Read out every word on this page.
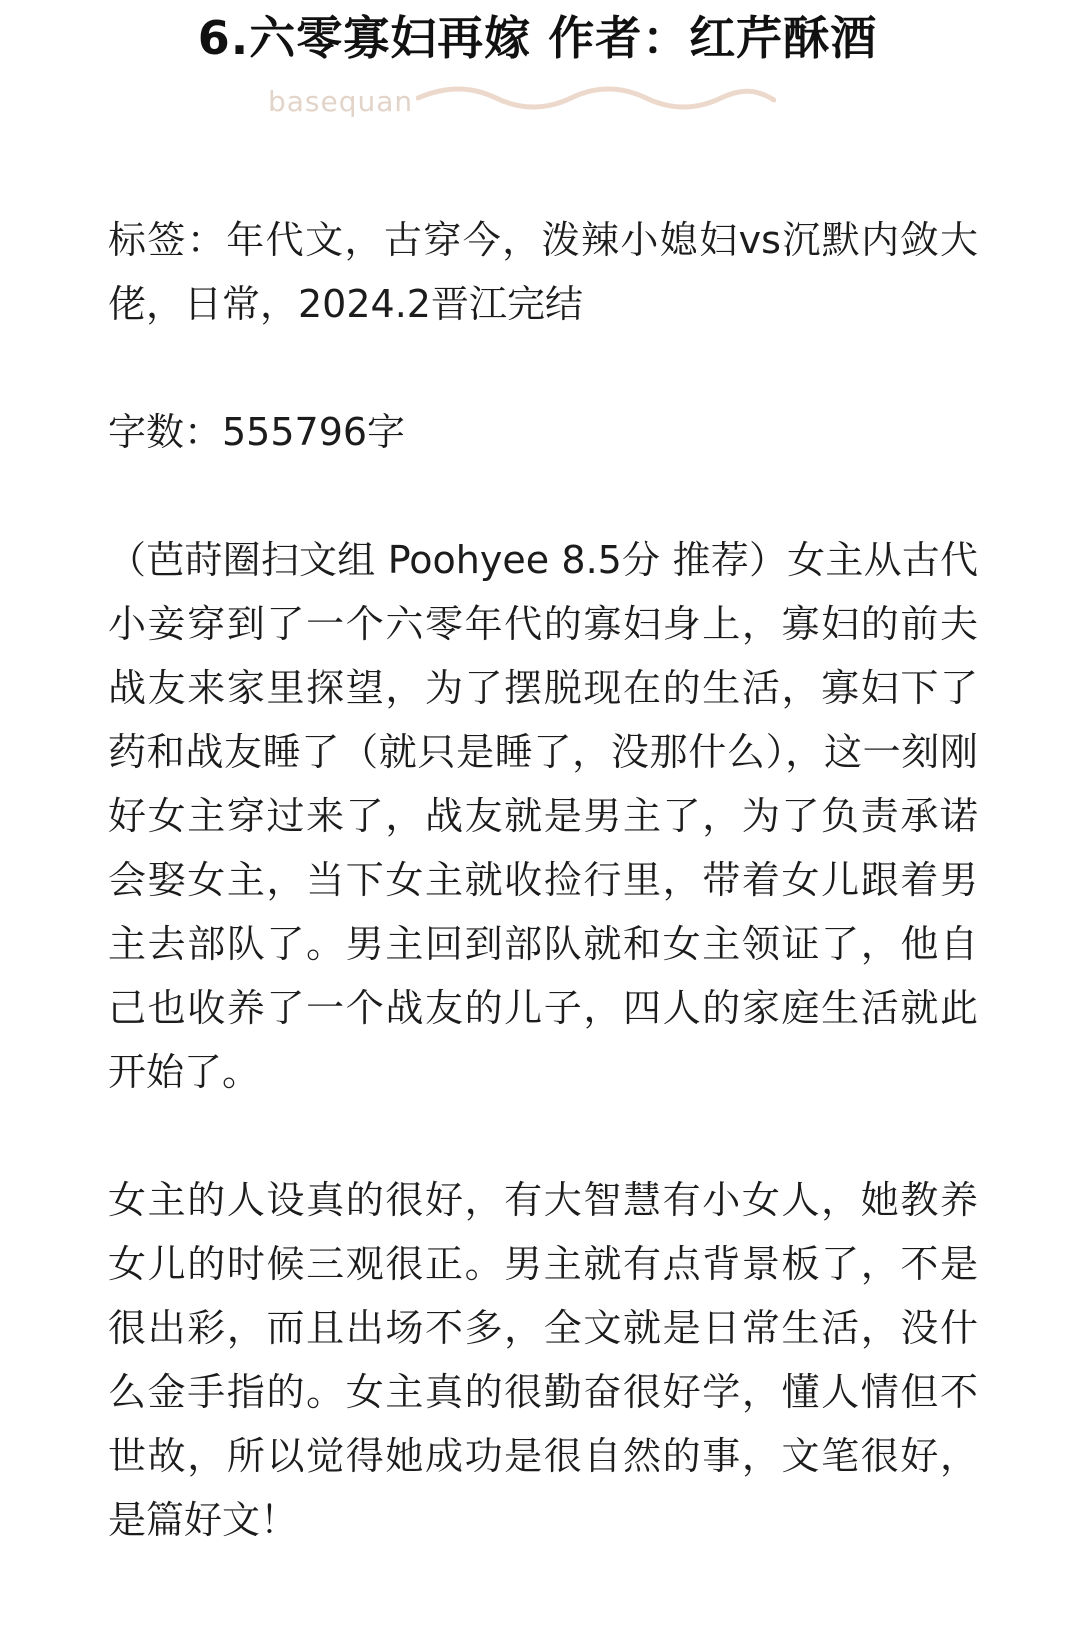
6.六零寡妇再嫁 作者：红芹酥酒
basequan

标签：年代文，古穿今，泼辣小媳妇vs沉默内敛大佬，日常，2024.2晋江完结

字数：555796字

（芭莳圈扫文组 Poohyee 8.5分 推荐）女主从古代小妾穿到了一个六零年代的寡妇身上，寡妇的前夫战友来家里探望，为了摆脱现在的生活，寡妇下了药和战友睡了（就只是睡了，没那什么），这一刻刚好女主穿过来了，战友就是男主了，为了负责承诺会娶女主，当下女主就收捡行里，带着女儿跟着男主去部队了。男主回到部队就和女主领证了，他自己也收养了一个战友的儿子，四人的家庭生活就此开始了。

女主的人设真的很好，有大智慧有小女人，她教养女儿的时候三观很正。男主就有点背景板了，不是很出彩，而且出场不多，全文就是日常生活，没什么金手指的。女主真的很勤奋很好学，懂人情但不世故，所以觉得她成功是很自然的事，文笔很好，是篇好文！
